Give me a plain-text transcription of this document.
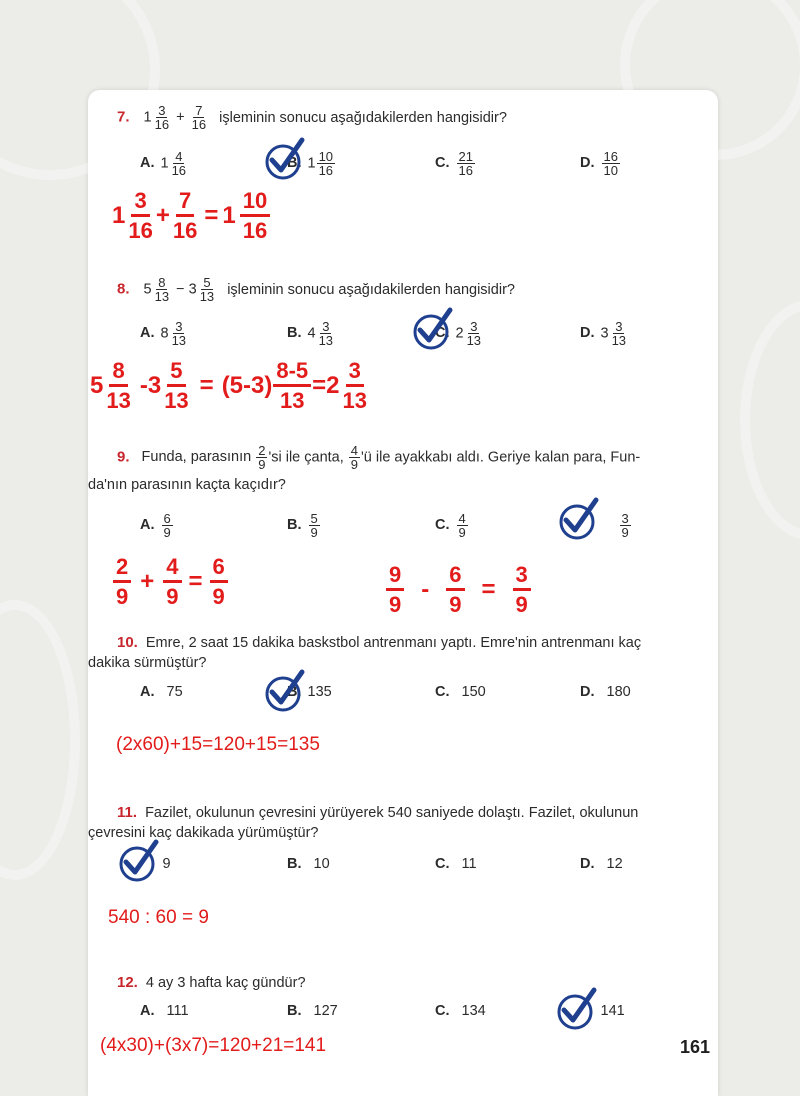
7. $1 \frac{3}{16} + \frac{7}{16}$ işleminin sonucu aşağıdakilerden hangisidir?
A. $1 \frac{4}{16}$	B. $1 \frac{10}{16}$	C. $\frac{21}{16}$	D. $\frac{16}{10}$
$1 \frac{3}{16} + \frac{7}{16} = 1 \frac{10}{16}$
8. $5 \frac{8}{13} - 3 \frac{5}{13}$ işleminin sonucu aşağıdakilerden hangisidir?
A. $8 \frac{3}{13}$	B. $4 \frac{3}{13}$	C. $2 \frac{3}{13}$	D. $3 \frac{3}{13}$
$5 \frac{8}{13} -3 \frac{5}{13} = (5-3) \frac{8-5}{13} =2 \frac{3}{13}$
9. Funda, parasının $\frac{2}{9}$ 'si ile çanta, $\frac{4}{9}$ 'ü ile ayakkabı aldı. Geriye kalan para, Fun-
da'nın parasının kaçta kaçıdır?
A. $\frac{6}{9}$	B. $\frac{5}{9}$	C. $\frac{4}{9}$	$\frac{3}{9}$
$\frac{2}{9} + \frac{4}{9} = \frac{6}{9}$	$\frac{9}{9} - \frac{6}{9} = \frac{3}{9}$
10. Emre, 2 saat 15 dakika baskstbol antrenmanı yaptı. Emre'nin antrenmanı kaç
dakika sürmüştür?
A. 75	B. 135	C. 150	D. 180
(2x60)+15=120+15=135
11. Fazilet, okulunun çevresini yürüyerek 540 saniyede dolaştı. Fazilet, okulunun
çevresini kaç dakikada yürümüştür?
9	B. 10	C. 11	D. 12
540 : 60 = 9
12. 4 ay 3 hafta kaç gündür?
A. 111	B. 127	C. 134	141
(4x30)+(3x7)=120+21=141	161
